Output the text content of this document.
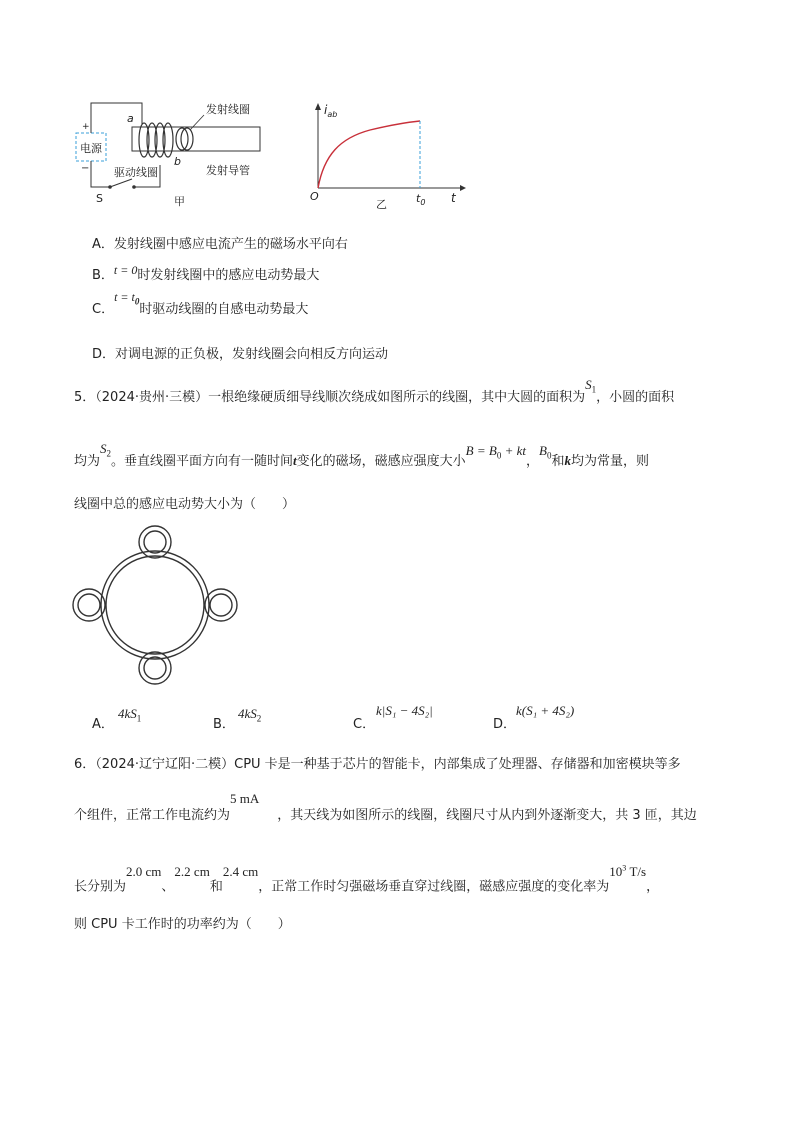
电源
+
−
发射线圈
a
b
驱动线圈	发射导管
S	甲
$i_{ab}$
O	$t_0$ t
乙
A．发射线圈中感应电流产生的磁场水平向右
B．t = 0时发射线圈中的感应电动势最大
C．$t = t_0$时驱动线圈的自感电动势最大
D．对调电源的正负极，发射线圈会向相反方向运动
5．（2024·贵州·三模）一根绝缘硬质细导线顺次绕成如图所示的线圈，其中大圆的面积为$S_1$，小圆的面积
均为$S_2$。垂直线圈平面方向有一随时间t变化的磁场，磁感应强度大小$B = B_0$ + kt，$B_0$和k均为常量，则
线圈中总的感应电动势大小为（　　）
A．
$4kS_1$	B．
$4kS_2$	C．
k|S₁ − 4S₂|
D．
k(S₁ + 4S₂)
6．（2024·辽宁辽阳·二模）CPU 卡是一种基于芯片的智能卡，内部集成了处理器、存储器和加密模块等多
个组件，正常工作电流约为5 mA，其天线为如图所示的线圈，线圈尺寸从内到外逐渐变大，共 3 匝，其边
长分别为2.0 cm、2.2 cm和2.4 cm，正常工作时匀强磁场垂直穿过线圈，磁感应强度的变化率为$10^3$ T/s，
则 CPU 卡工作时的功率约为（　　）
